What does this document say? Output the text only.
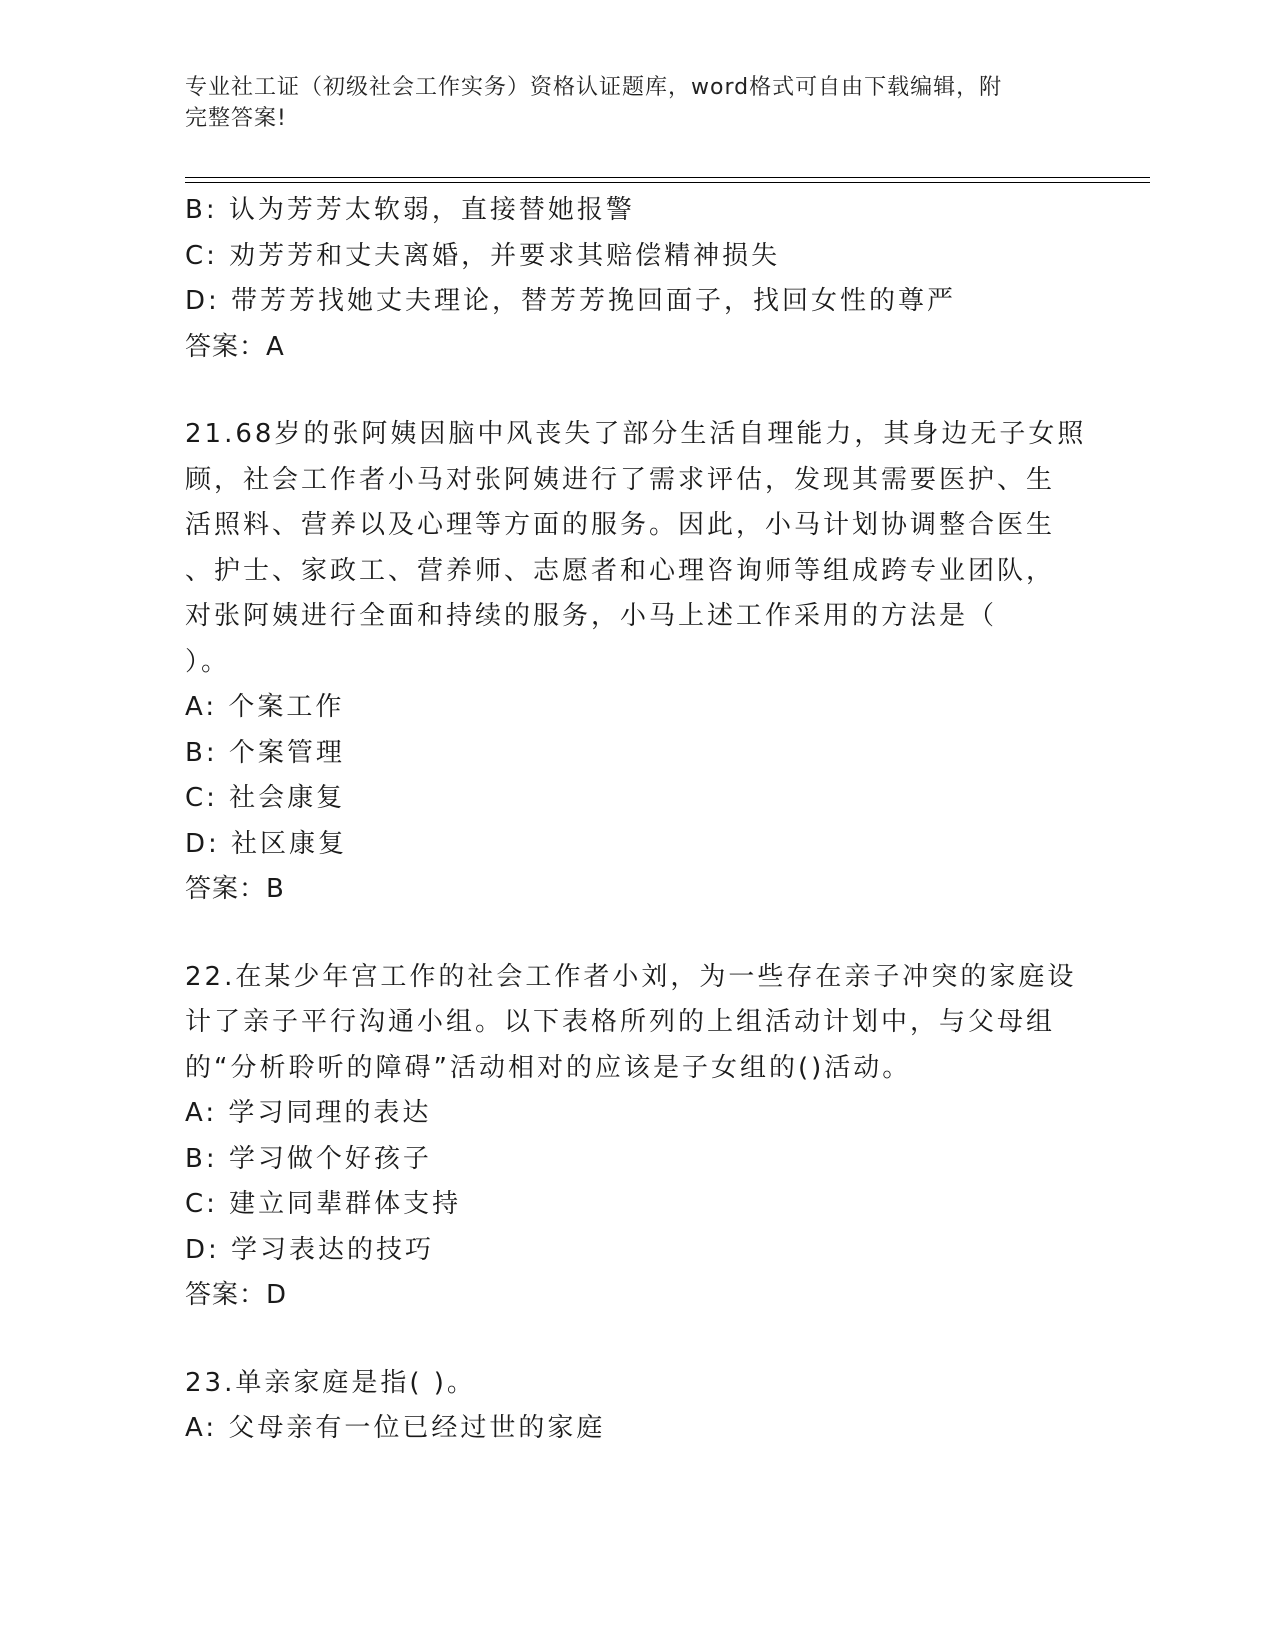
专业社工证（初级社会工作实务）资格认证题库，word格式可自由下载编辑，附
完整答案!

B: 认为芳芳太软弱，直接替她报警

C: 劝芳芳和丈夫离婚，并要求其赔偿精神损失

D: 带芳芳找她丈夫理论，替芳芳挽回面子，找回女性的尊严

答案：A

21.68岁的张阿姨因脑中风丧失了部分生活自理能力，其身边无子女照

顾，社会工作者小马对张阿姨进行了需求评估，发现其需要医护、生

活照料、营养以及心理等方面的服务。因此，小马计划协调整合医生

、护士、家政工、营养师、志愿者和心理咨询师等组成跨专业团队，

对张阿姨进行全面和持续的服务，小马上述工作采用的方法是（

）。

A: 个案工作

B: 个案管理

C: 社会康复

D: 社区康复

答案：B

22.在某少年宫工作的社会工作者小刘，为一些存在亲子冲突的家庭设

计了亲子平行沟通小组。以下表格所列的上组活动计划中，与父母组

的“分析聆听的障碍”活动相对的应该是子女组的()活动。

A: 学习同理的表达

B: 学习做个好孩子

C: 建立同辈群体支持

D: 学习表达的技巧

答案：D

23.单亲家庭是指( )。

A: 父母亲有一位已经过世的家庭
